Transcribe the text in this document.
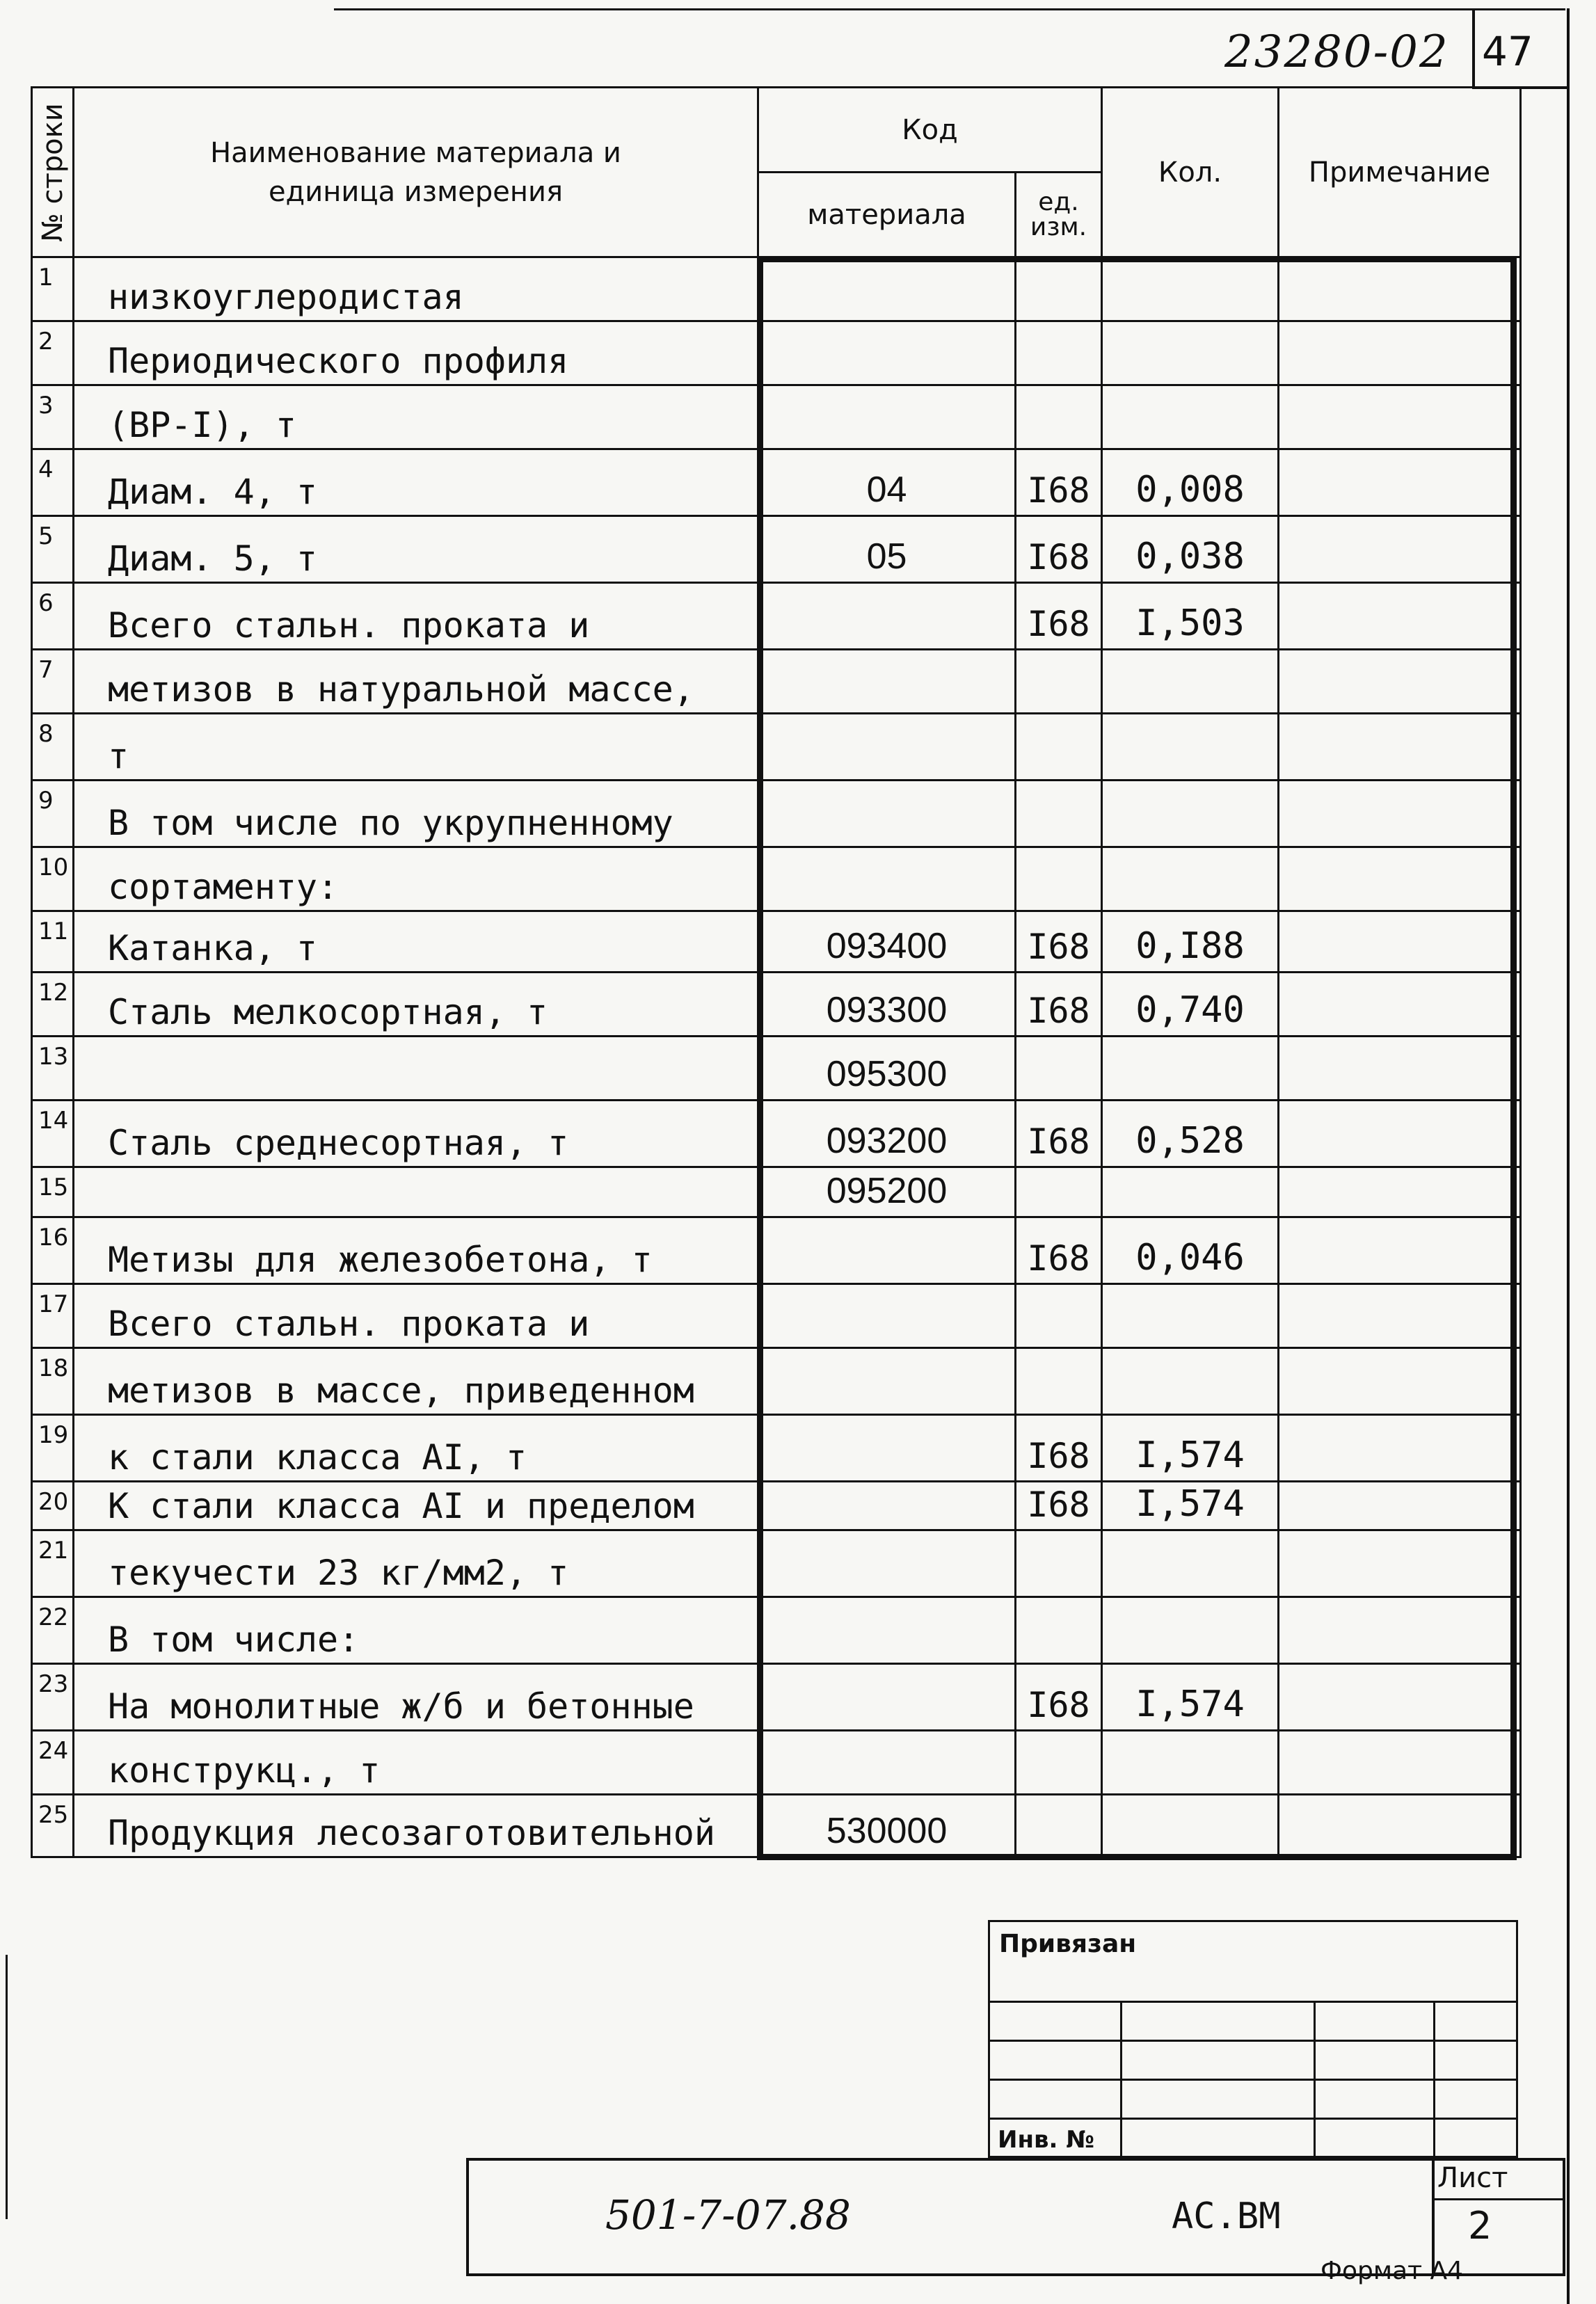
23280-02 47
№ строки	Наименование материала и
единица измерения	Код		Кол.	Примечание
		материала	ед.
изм.		
1	низкоуглеродистая				
2	Периодического профиля				
3	(BP-I), т				
4	Диам. 4, т	04	I68	0,008	
5	Диам. 5, т	05	I68	0,038	
6	Всего стальн. проката и		I68	I,503	
7	метизов в натуральной массе,				
8	т				
9	В том числе по укрупненному				
10	сортаменту:				
11	Катанка, т	093400	I68	0,I88	
12	Сталь мелкосортная, т	093300	I68	0,740	
13		095300			
14	Сталь среднесортная, т	093200	I68	0,528	
15		095200			
16	Метизы для железобетона, т		I68	0,046	
17	Всего стальн. проката и				
18	метизов в массе, приведенном				
19	к стали класса AI, т		I68	I,574	
20	К стали класса AI и пределом		I68	I,574	
21	текучести 23 кг/мм2, т				
22	В том числе:				
23	На монолитные ж/б и бетонные		I68	I,574	
24	конструкц., т				
25	Продукция лесозаготовительной	530000			
Привязан
Инв. №
501-7-07.88	АС.ВМ
Лист
2
Формат А4
